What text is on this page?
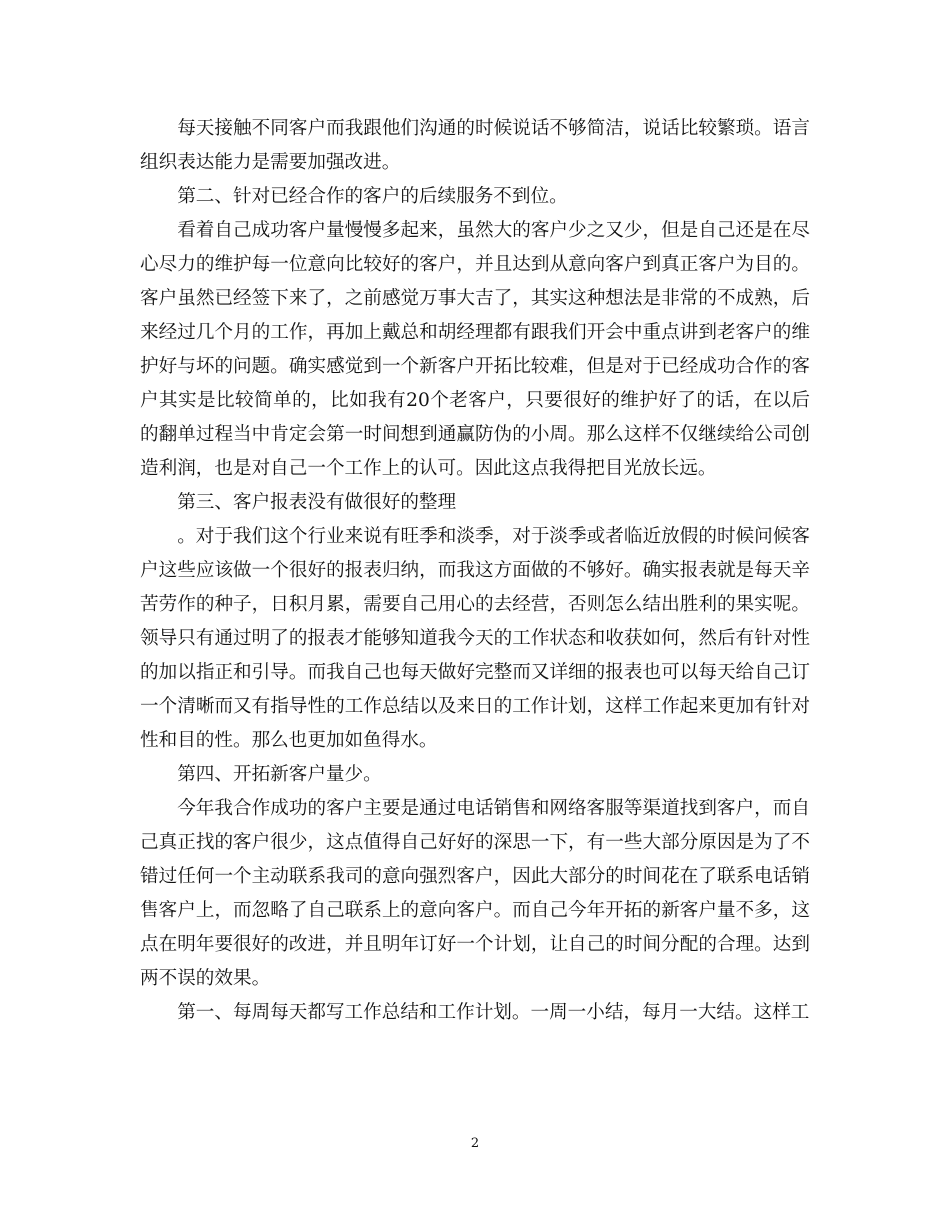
每天接触不同客户而我跟他们沟通的时候说话不够简洁，说话比较繁琐。语言组织表达能力是需要加强改进。

第二、针对已经合作的客户的后续服务不到位。

看着自己成功客户量慢慢多起来，虽然大的客户少之又少，但是自己还是在尽心尽力的维护每一位意向比较好的客户，并且达到从意向客户到真正客户为目的。客户虽然已经签下来了，之前感觉万事大吉了，其实这种想法是非常的不成熟，后来经过几个月的工作，再加上戴总和胡经理都有跟我们开会中重点讲到老客户的维护好与坏的问题。确实感觉到一个新客户开拓比较难，但是对于已经成功合作的客户其实是比较简单的，比如我有20个老客户，只要很好的维护好了的话，在以后的翻单过程当中肯定会第一时间想到通赢防伪的小周。那么这样不仅继续给公司创造利润，也是对自己一个工作上的认可。因此这点我得把目光放长远。

第三、客户报表没有做很好的整理

。对于我们这个行业来说有旺季和淡季，对于淡季或者临近放假的时候问候客户这些应该做一个很好的报表归纳，而我这方面做的不够好。确实报表就是每天辛苦劳作的种子，日积月累，需要自己用心的去经营，否则怎么结出胜利的果实呢。领导只有通过明了的报表才能够知道我今天的工作状态和收获如何，然后有针对性的加以指正和引导。而我自己也每天做好完整而又详细的报表也可以每天给自己订一个清晰而又有指导性的工作总结以及来日的工作计划，这样工作起来更加有针对性和目的性。那么也更加如鱼得水。

第四、开拓新客户量少。

今年我合作成功的客户主要是通过电话销售和网络客服等渠道找到客户，而自己真正找的客户很少，这点值得自己好好的深思一下，有一些大部分原因是为了不错过任何一个主动联系我司的意向强烈客户，因此大部分的时间花在了联系电话销售客户上，而忽略了自己联系上的意向客户。而自己今年开拓的新客户量不多，这点在明年要很好的改进，并且明年订好一个计划，让自己的时间分配的合理。达到两不误的效果。

第一、每周每天都写工作总结和工作计划。一周一小结，每月一大结。这样工

2
